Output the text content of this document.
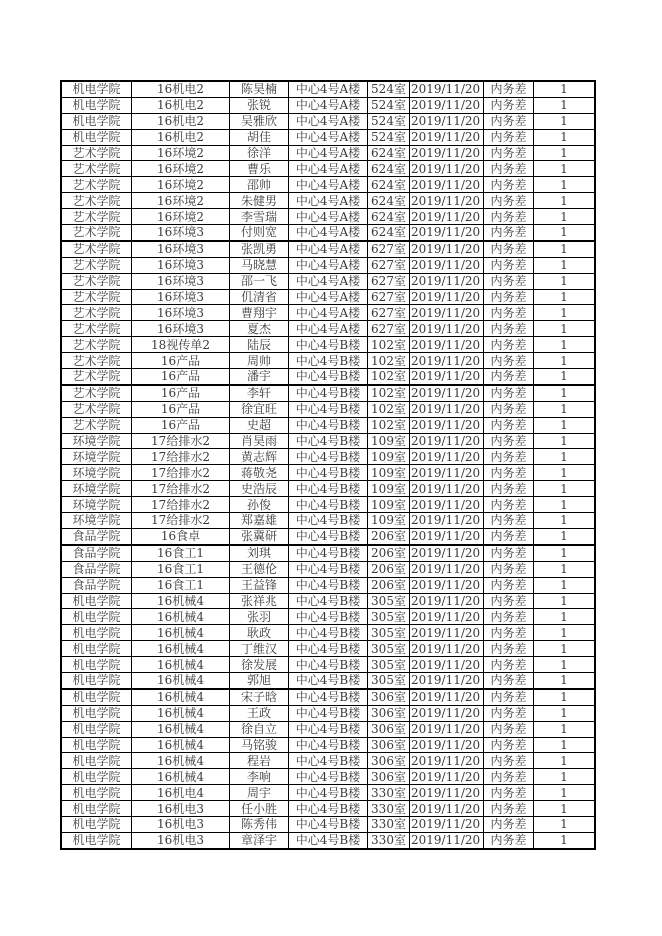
机电学院	16机电2	陈昊楠	中心4号A楼	524室	2019/11/20	内务差	1
机电学院	16机电2	张锐	中心4号A楼	524室	2019/11/20	内务差	1
机电学院	16机电2	吴雅欣	中心4号A楼	524室	2019/11/20	内务差	1
机电学院	16机电2	胡佳	中心4号A楼	524室	2019/11/20	内务差	1
艺术学院	16环境2	徐洋	中心4号A楼	624室	2019/11/20	内务差	1
艺术学院	16环境2	曹乐	中心4号A楼	624室	2019/11/20	内务差	1
艺术学院	16环境2	邵帅	中心4号A楼	624室	2019/11/20	内务差	1
艺术学院	16环境2	朱健男	中心4号A楼	624室	2019/11/20	内务差	1
艺术学院	16环境2	李雪瑞	中心4号A楼	624室	2019/11/20	内务差	1
艺术学院	16环境3	付则宽	中心4号A楼	624室	2019/11/20	内务差	1
艺术学院	16环境3	张凯勇	中心4号A楼	627室	2019/11/20	内务差	1
艺术学院	16环境3	马晓慧	中心4号A楼	627室	2019/11/20	内务差	1
艺术学院	16环境3	邵一飞	中心4号A楼	627室	2019/11/20	内务差	1
艺术学院	16环境3	仉清省	中心4号A楼	627室	2019/11/20	内务差	1
艺术学院	16环境3	曹翔宇	中心4号A楼	627室	2019/11/20	内务差	1
艺术学院	16环境3	夏杰	中心4号A楼	627室	2019/11/20	内务差	1
艺术学院	18视传单2	陆辰	中心4号B楼	102室	2019/11/20	内务差	1
艺术学院	16产品	周帅	中心4号B楼	102室	2019/11/20	内务差	1
艺术学院	16产品	潘宇	中心4号B楼	102室	2019/11/20	内务差	1
艺术学院	16产品	李轩	中心4号B楼	102室	2019/11/20	内务差	1
艺术学院	16产品	徐宜旺	中心4号B楼	102室	2019/11/20	内务差	1
艺术学院	16产品	史超	中心4号B楼	102室	2019/11/20	内务差	1
环境学院	17给排水2	肖昊雨	中心4号B楼	109室	2019/11/20	内务差	1
环境学院	17给排水2	黄志辉	中心4号B楼	109室	2019/11/20	内务差	1
环境学院	17给排水2	蒋敬尧	中心4号B楼	109室	2019/11/20	内务差	1
环境学院	17给排水2	史浩辰	中心4号B楼	109室	2019/11/20	内务差	1
环境学院	17给排水2	孙俊	中心4号B楼	109室	2019/11/20	内务差	1
环境学院	17给排水2	郑嘉雄	中心4号B楼	109室	2019/11/20	内务差	1
食品学院	16食卓	张冀研	中心4号B楼	206室	2019/11/20	内务差	1
食品学院	16食工1	刘琪	中心4号B楼	206室	2019/11/20	内务差	1
食品学院	16食工1	王德伦	中心4号B楼	206室	2019/11/20	内务差	1
食品学院	16食工1	王益锋	中心4号B楼	206室	2019/11/20	内务差	1
机电学院	16机械4	张祥兆	中心4号B楼	305室	2019/11/20	内务差	1
机电学院	16机械4	张羽	中心4号B楼	305室	2019/11/20	内务差	1
机电学院	16机械4	耿政	中心4号B楼	305室	2019/11/20	内务差	1
机电学院	16机械4	丁维汉	中心4号B楼	305室	2019/11/20	内务差	1
机电学院	16机械4	徐发展	中心4号B楼	305室	2019/11/20	内务差	1
机电学院	16机械4	郭旭	中心4号B楼	305室	2019/11/20	内务差	1
机电学院	16机械4	宋子晗	中心4号B楼	306室	2019/11/20	内务差	1
机电学院	16机械4	王政	中心4号B楼	306室	2019/11/20	内务差	1
机电学院	16机械4	徐自立	中心4号B楼	306室	2019/11/20	内务差	1
机电学院	16机械4	马铭骏	中心4号B楼	306室	2019/11/20	内务差	1
机电学院	16机械4	程岩	中心4号B楼	306室	2019/11/20	内务差	1
机电学院	16机械4	李响	中心4号B楼	306室	2019/11/20	内务差	1
机电学院	16机电4	周宇	中心4号B楼	330室	2019/11/20	内务差	1
机电学院	16机电3	任小胜	中心4号B楼	330室	2019/11/20	内务差	1
机电学院	16机电3	陈秀伟	中心4号B楼	330室	2019/11/20	内务差	1
机电学院	16机电3	章泽宇	中心4号B楼	330室	2019/11/20	内务差	1
